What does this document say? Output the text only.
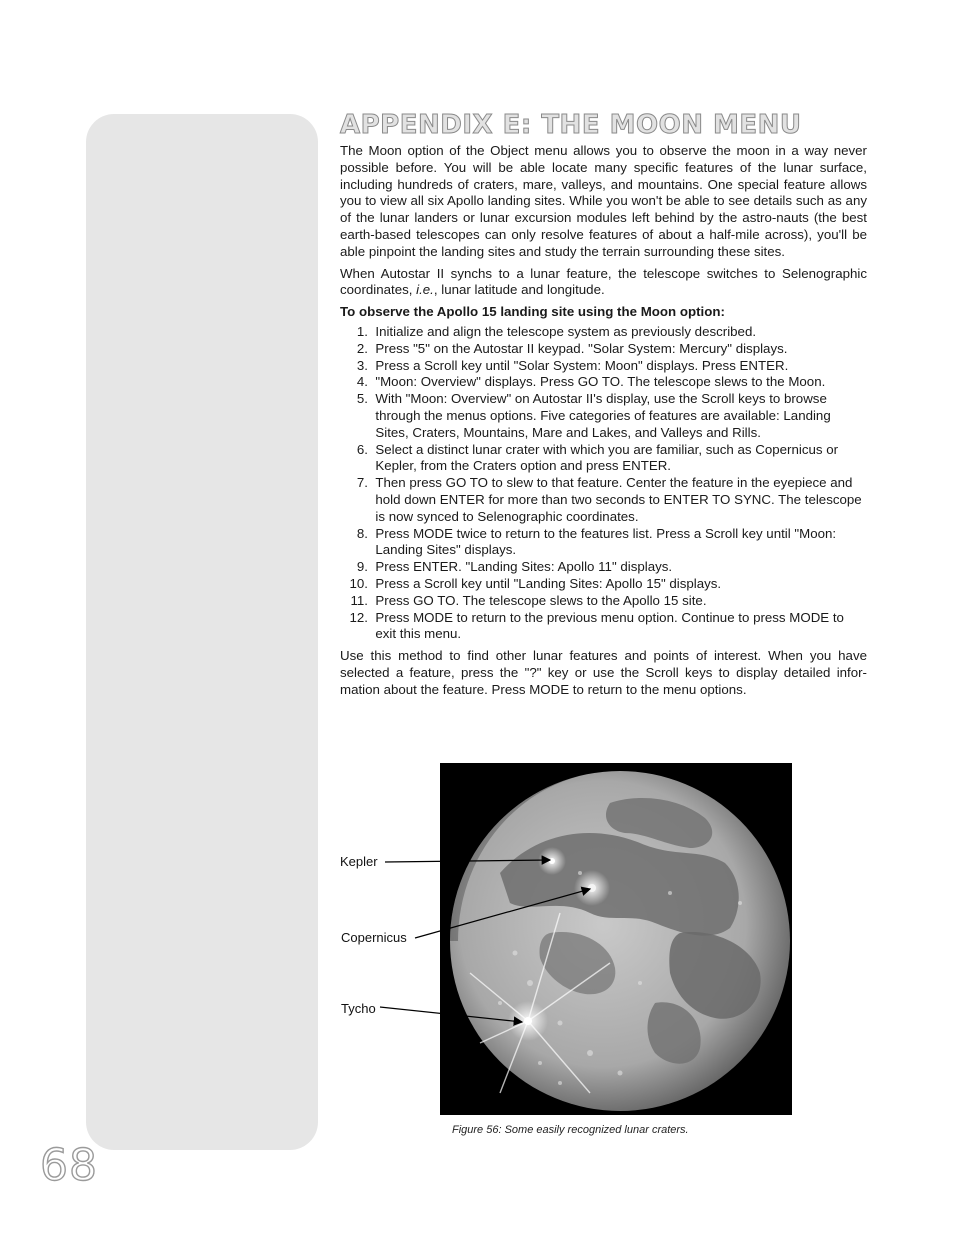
68
APPENDIX E: THE MOON MENU

The Moon option of the Object menu allows you to observe the moon in a way never possible before. You will be able locate many specific features of the lunar surface, including hundreds of craters, mare, valleys, and mountains. One special feature allows you to view all six Apollo landing sites. While you won't be able to see details such as any of the lunar landers or lunar excursion modules left behind by the astro-nauts (the best earth-based telescopes can only resolve features of about a half-mile across), you'll be able pinpoint the landing sites and study the terrain surrounding these sites.

When Autostar II synchs to a lunar feature, the telescope switches to Selenographic coordinates, i.e., lunar latitude and longitude.

To observe the Apollo 15 landing site using the Moon option:

1.
Initialize and align the telescope system as previously described.
2.
Press "5" on the Autostar II keypad. "Solar System: Mercury" displays.
3.
Press a Scroll key until "Solar System: Moon" displays. Press ENTER.
4.
"Moon: Overview" displays. Press GO TO. The telescope slews to the Moon.
5.
With "Moon: Overview" on Autostar II's display, use the Scroll keys to browse through the menus options. Five categories of features are available: Landing Sites, Craters, Mountains, Mare and Lakes, and Valleys and Rills.
6.
Select a distinct lunar crater with which you are familiar, such as Copernicus or Kepler, from the Craters option and press ENTER.
7.
Then press GO TO to slew to that feature. Center the feature in the eyepiece and hold down ENTER for more than two seconds to ENTER TO SYNC. The telescope is now synced to Selenographic coordinates.
8.
Press MODE twice to return to the features list. Press a Scroll key until "Moon: Landing Sites" displays.
9.
Press ENTER. "Landing Sites: Apollo 11" displays.
10.
Press a Scroll key until "Landing Sites: Apollo 15" displays.
11.
Press GO TO. The telescope slews to the Apollo 15 site.
12.
Press MODE to return to the previous menu option. Continue to press MODE to exit this menu.

Use this method to find other lunar features and points of interest. When you have selected a feature, press the "?" key or use the Scroll keys to display detailed infor-mation about the feature. Press MODE to return to the menu options.

Kepler
Copernicus
Tycho
Figure 56: Some easily recognized lunar craters.
